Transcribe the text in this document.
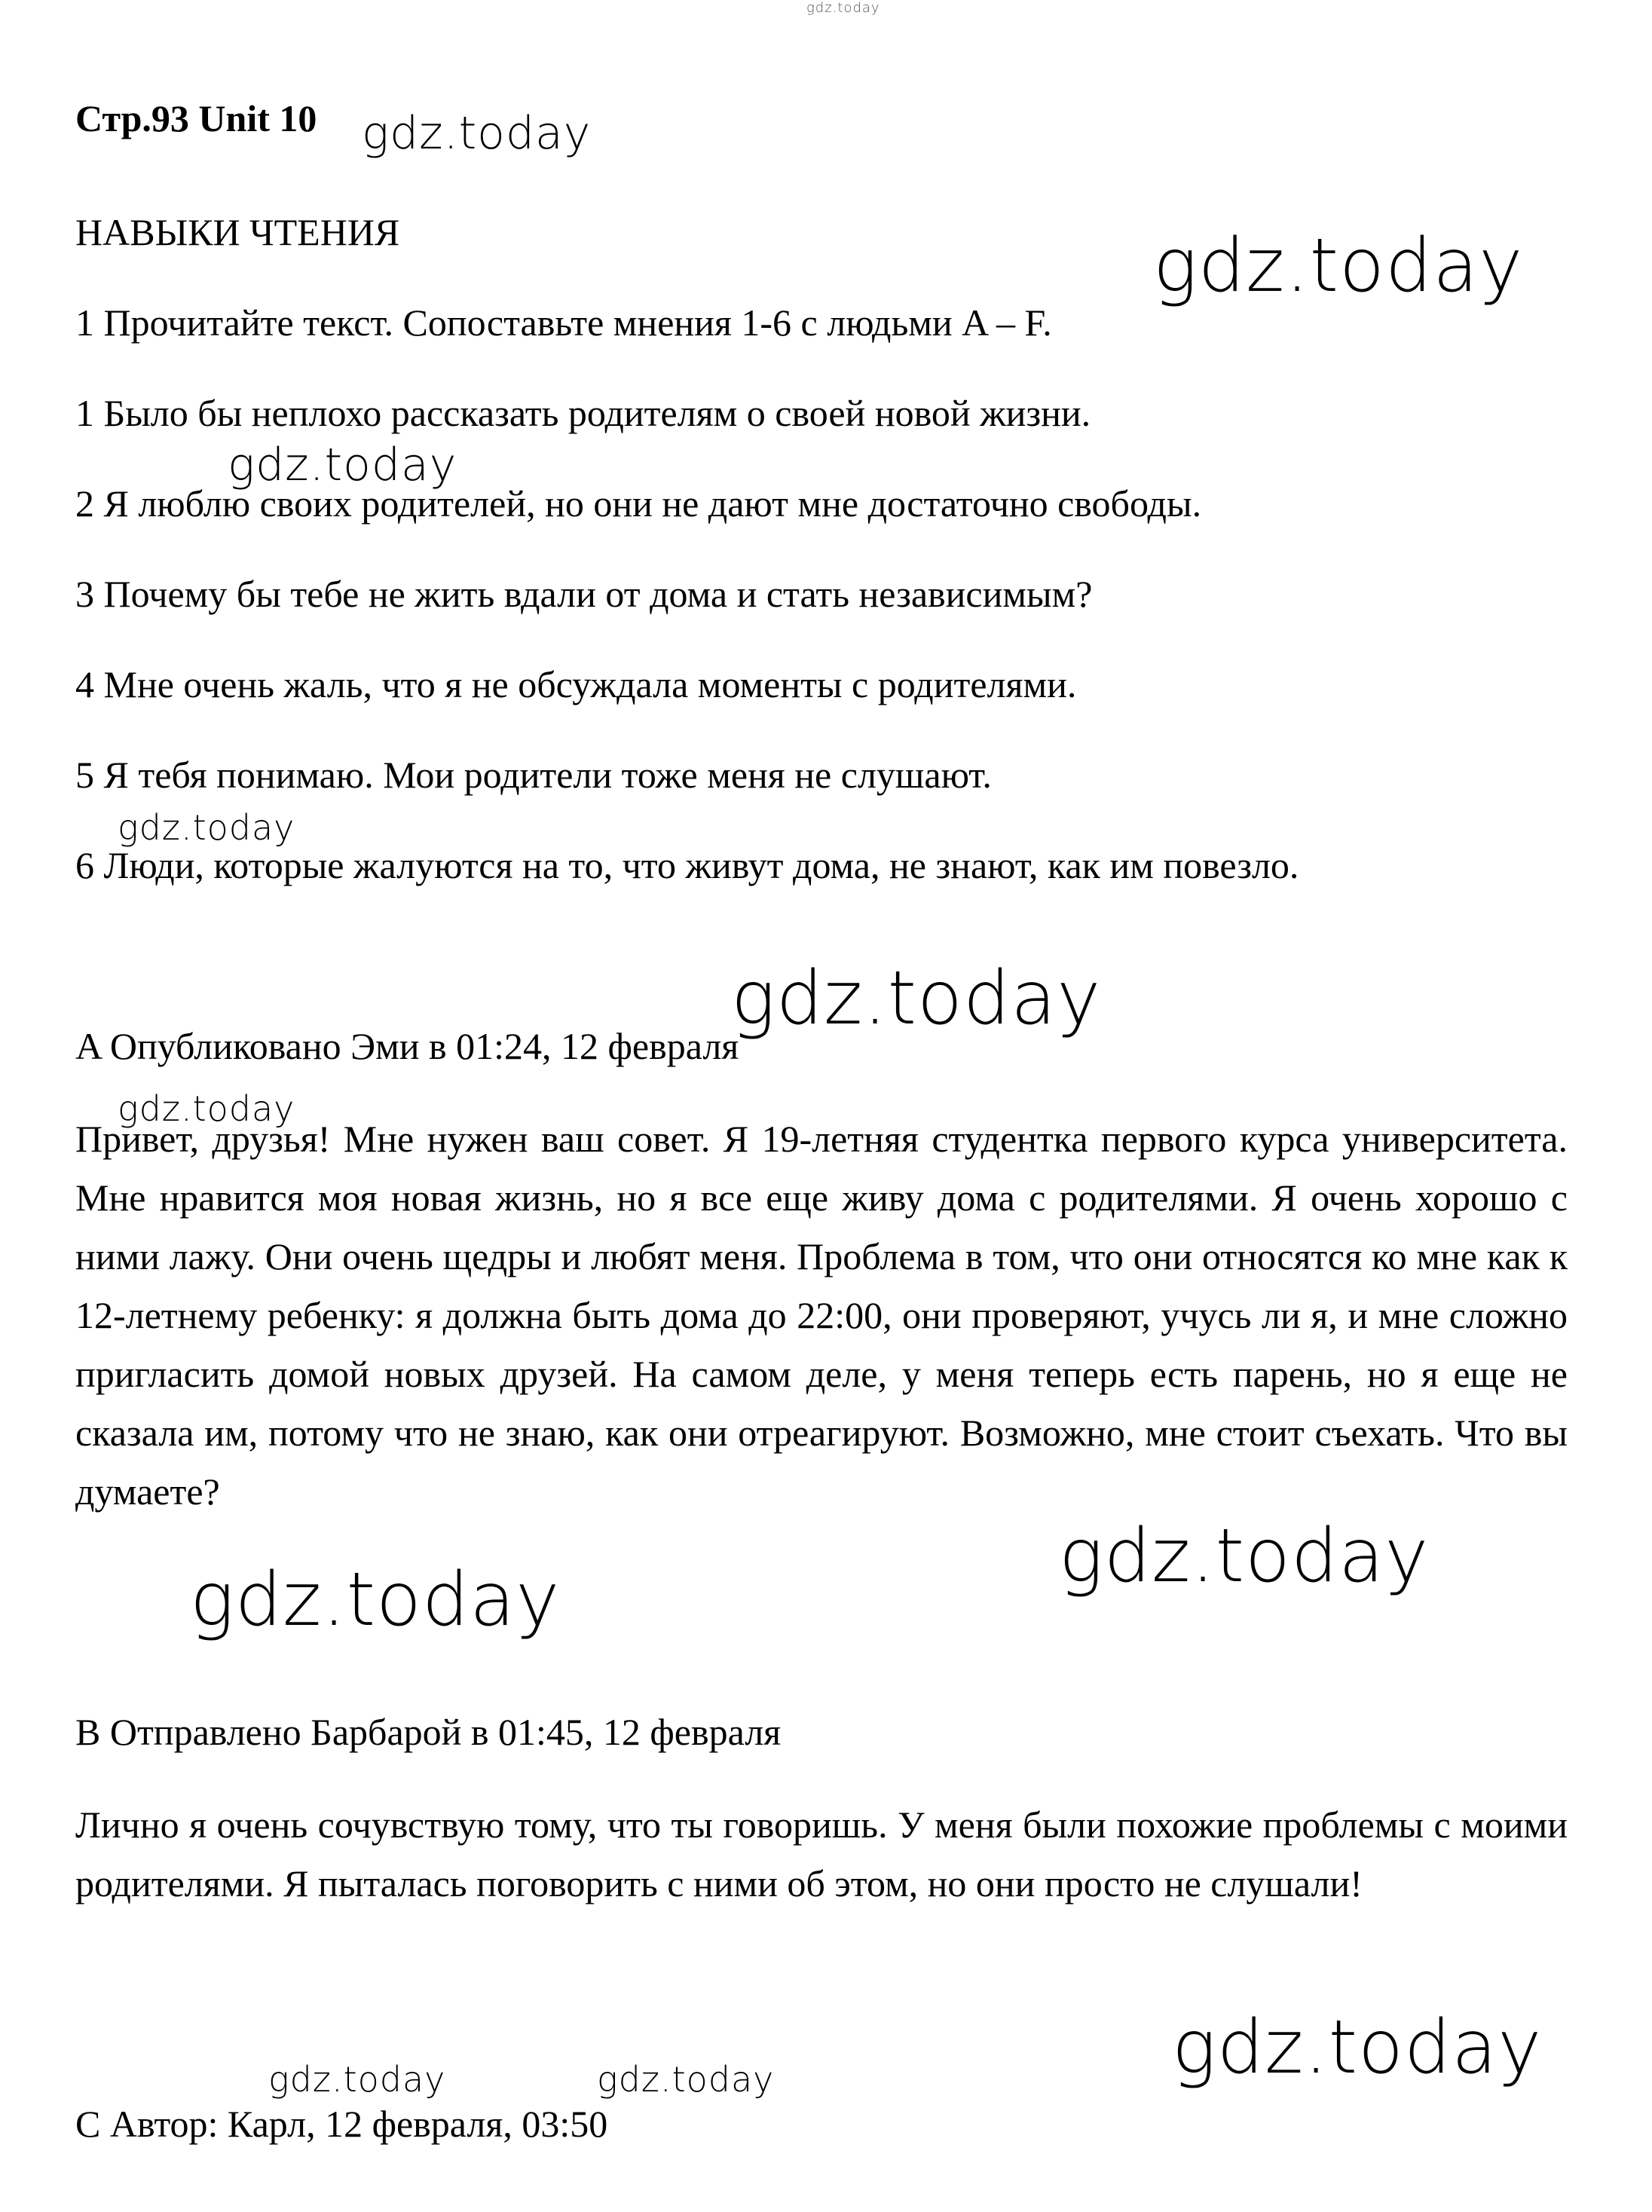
gdz.today
gdz.today
gdz.today
gdz.today
gdz.today
gdz.today
gdz.today
gdz.today
gdz.today
gdz.today
gdz.today	gdz.today
Стр.93 Unit 10
НАВЫКИ ЧТЕНИЯ
1 Прочитайте текст. Сопоставьте мнения 1-6 с людьми A – F.
1 Было бы неплохо рассказать родителям о своей новой жизни.
2 Я люблю своих родителей, но они не дают мне достаточно свободы.
3 Почему бы тебе не жить вдали от дома и стать независимым?
4 Мне очень жаль, что я не обсуждала моменты с родителями.
5 Я тебя понимаю. Мои родители тоже меня не слушают.
6 Люди, которые жалуются на то, что живут дома, не знают, как им повезло.
A Опубликовано Эми в 01:24, 12 февраля
Привет, друзья! Мне нужен ваш совет. Я 19-летняя студентка первого курса университета. Мне нравится моя новая жизнь, но я все еще живу дома с родителями. Я очень хорошо с ними лажу. Они очень щедры и любят меня. Проблема в том, что они относятся ко мне как к 12-летнему ребенку: я должна быть дома до 22:00, они проверяют, учусь ли я, и мне сложно пригласить домой новых друзей. На самом деле, у меня теперь есть парень, но я еще не сказала им, потому что не знаю, как они отреагируют. Возможно, мне стоит съехать. Что вы думаете?
B Отправлено Барбарой в 01:45, 12 февраля
Лично я очень сочувствую тому, что ты говоришь. У меня были похожие проблемы с моими родителями. Я пыталась поговорить с ними об этом, но они просто не слушали!
C Автор: Карл, 12 февраля, 03:50
